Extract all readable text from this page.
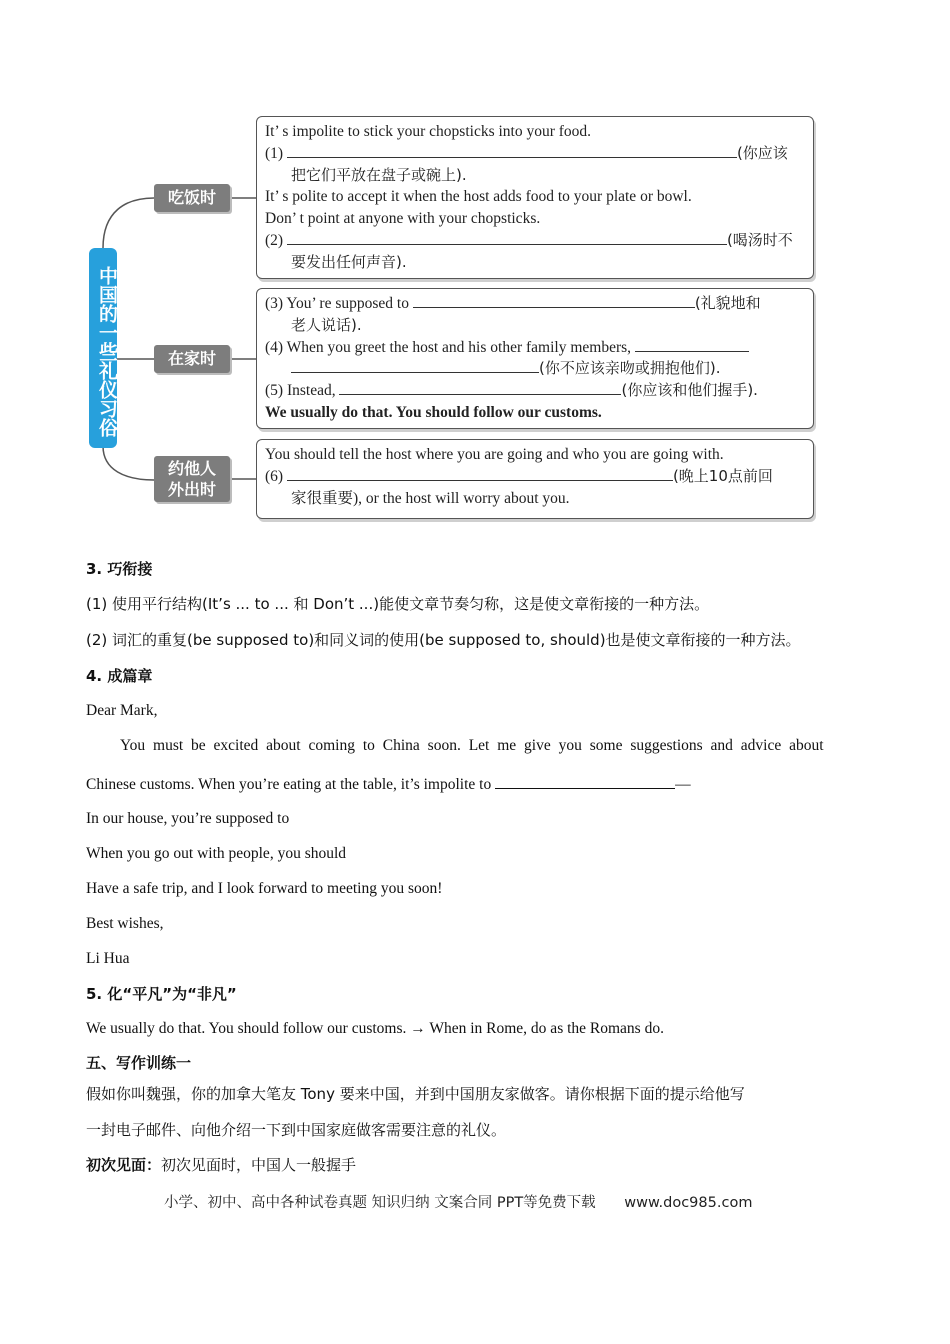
中国的一些礼仪习俗
吃饭时
在家时
约他人
外出时
It’ s impolite to stick your chopsticks into your food.
(1)	(你应该
把它们平放在盘子或碗上).
It’ s polite to accept it when the host adds food to your plate or bowl.
Don’ t point at anyone with your chopsticks.
(2)	(喝汤时不
要发出任何声音).
(3) You’ re supposed to	(礼貌地和
老人说话).
(4) When you greet the host and his other family members,
(你不应该亲吻或拥抱他们).
(5) Instead,	(你应该和他们握手).
We usually do that. You should follow our customs.
You should tell the host where you are going and who you are going with.
(6)	(晚上10点前回
家很重要), or the host will worry about you.
3. 巧衔接
(1) 使用平行结构(It’s ... to ... 和 Don’t ...)能使文章节奏匀称，这是使文章衔接的一种方法。
(2) 词汇的重复(be supposed to)和同义词的使用(be supposed to, should)也是使文章衔接的一种方法。
4. 成篇章
Dear Mark,
You must be excited about coming to China soon. Let me give you some suggestions and advice about
Chinese customs. When you’re eating at the table, it’s impolite to	—
In our house, you’re supposed to
When you go out with people, you should
Have a safe trip, and I look forward to meeting you soon!
Best wishes,
Li Hua
5. 化“平凡”为“非凡”
We usually do that. You should follow our customs. → When in Rome, do as the Romans do.
五、写作训练一
假如你叫魏强，你的加拿大笔友 Tony 要来中国，并到中国朋友家做客。请你根据下面的提示给他写
一封电子邮件、向他介绍一下到中国家庭做客需要注意的礼仪。
初次见面：初次见面时，中国人一般握手
小学、初中、高中各种试卷真题 知识归纳 文案合同 PPT等免费下载 www.doc985.com
